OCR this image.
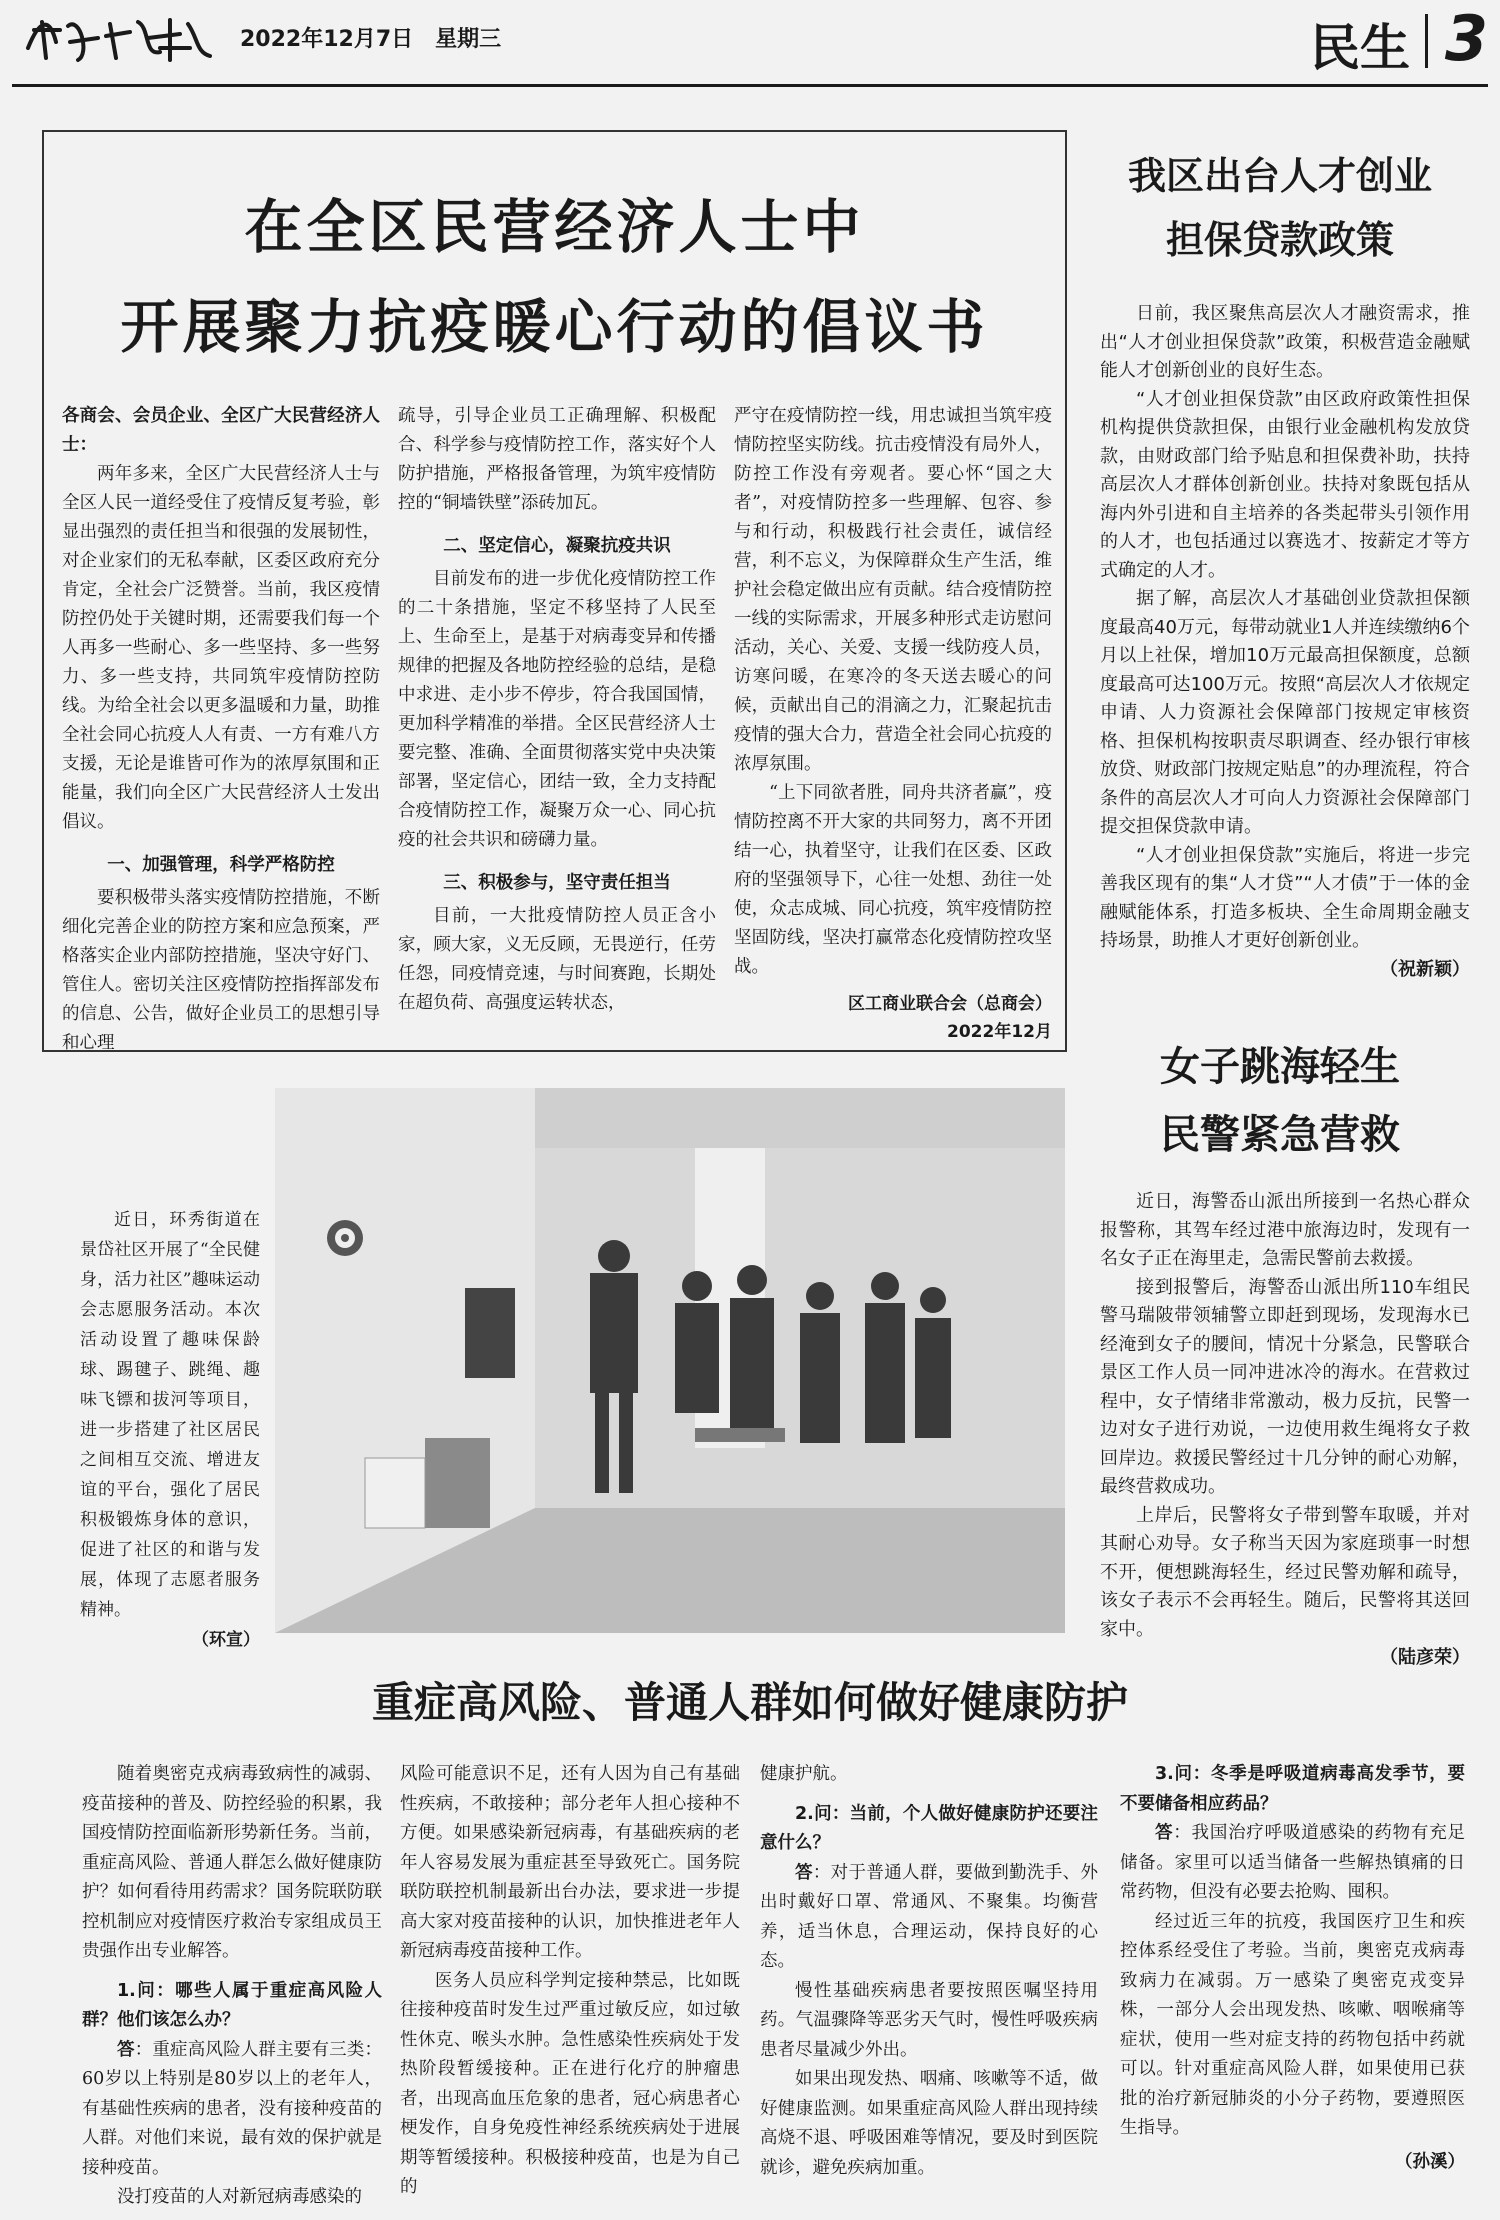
2022年12月7日　星期三	民生 3
在全区民营经济人士中
开展聚力抗疫暖心行动的倡议书

各商会、会员企业、全区广大民营经济人士：

两年多来，全区广大民营经济人士与全区人民一道经受住了疫情反复考验，彰显出强烈的责任担当和很强的发展韧性，对企业家们的无私奉献，区委区政府充分肯定，全社会广泛赞誉。当前，我区疫情防控仍处于关键时期，还需要我们每一个人再多一些耐心、多一些坚持、多一些努力、多一些支持，共同筑牢疫情防控防线。为给全社会以更多温暖和力量，助推全社会同心抗疫人人有责、一方有难八方支援，无论是谁皆可作为的浓厚氛围和正能量，我们向全区广大民营经济人士发出倡议。

一、加强管理，科学严格防控

要积极带头落实疫情防控措施，不断细化完善企业的防控方案和应急预案，严格落实企业内部防控措施，坚决守好门、管住人。密切关注区疫情防控指挥部发布的信息、公告，做好企业员工的思想引导和心理

疏导，引导企业员工正确理解、积极配合、科学参与疫情防控工作，落实好个人防护措施，严格报备管理，为筑牢疫情防控的“铜墙铁壁”添砖加瓦。

二、坚定信心，凝聚抗疫共识

目前发布的进一步优化疫情防控工作的二十条措施，坚定不移坚持了人民至上、生命至上，是基于对病毒变异和传播规律的把握及各地防控经验的总结，是稳中求进、走小步不停步，符合我国国情，更加科学精准的举措。全区民营经济人士要完整、准确、全面贯彻落实党中央决策部署，坚定信心，团结一致，全力支持配合疫情防控工作，凝聚万众一心、同心抗疫的社会共识和磅礴力量。

三、积极参与，坚守责任担当

目前，一大批疫情防控人员正含小家，顾大家，义无反顾，无畏逆行，任劳任怨，同疫情竞速，与时间赛跑，长期处在超负荷、高强度运转状态，

严守在疫情防控一线，用忠诚担当筑牢疫情防控坚实防线。抗击疫情没有局外人，防控工作没有旁观者。要心怀“国之大者”，对疫情防控多一些理解、包容、参与和行动，积极践行社会责任，诚信经营，利不忘义，为保障群众生产生活，维护社会稳定做出应有贡献。结合疫情防控一线的实际需求，开展多种形式走访慰问活动，关心、关爱、支援一线防疫人员，访寒问暖，在寒冷的冬天送去暖心的问候，贡献出自己的涓滴之力，汇聚起抗击疫情的强大合力，营造全社会同心抗疫的浓厚氛围。

“上下同欲者胜，同舟共济者赢”，疫情防控离不开大家的共同努力，离不开团结一心，执着坚守，让我们在区委、区政府的坚强领导下，心往一处想、劲往一处使，众志成城、同心抗疫，筑牢疫情防控坚固防线，坚决打赢常态化疫情防控攻坚战。

区工商业联合会（总商会）
2022年12月
我区出台人才创业
担保贷款政策

日前，我区聚焦高层次人才融资需求，推出“人才创业担保贷款”政策，积极营造金融赋能人才创新创业的良好生态。

“人才创业担保贷款”由区政府政策性担保机构提供贷款担保，由银行业金融机构发放贷款，由财政部门给予贴息和担保费补助，扶持高层次人才群体创新创业。扶持对象既包括从海内外引进和自主培养的各类起带头引领作用的人才，也包括通过以赛选才、按薪定才等方式确定的人才。

据了解，高层次人才基础创业贷款担保额度最高40万元，每带动就业1人并连续缴纳6个月以上社保，增加10万元最高担保额度，总额度最高可达100万元。按照“高层次人才依规定申请、人力资源社会保障部门按规定审核资格、担保机构按职责尽职调查、经办银行审核放贷、财政部门按规定贴息”的办理流程，符合条件的高层次人才可向人力资源社会保障部门提交担保贷款申请。

“人才创业担保贷款”实施后，将进一步完善我区现有的集“人才贷”“人才债”于一体的金融赋能体系，打造多板块、全生命周期金融支持场景，助推人才更好创新创业。

（祝新颖）
女子跳海轻生
民警紧急营救

近日，海警岙山派出所接到一名热心群众报警称，其驾车经过港中旅海边时，发现有一名女子正在海里走，急需民警前去救援。

接到报警后，海警岙山派出所110车组民警马瑞陂带领辅警立即赶到现场，发现海水已经淹到女子的腰间，情况十分紧急，民警联合景区工作人员一同冲进冰冷的海水。在营救过程中，女子情绪非常激动，极力反抗，民警一边对女子进行劝说，一边使用救生绳将女子救回岸边。救援民警经过十几分钟的耐心劝解，最终营救成功。

上岸后，民警将女子带到警车取暖，并对其耐心劝导。女子称当天因为家庭琐事一时想不开，便想跳海轻生，经过民警劝解和疏导，该女子表示不会再轻生。随后，民警将其送回家中。

（陆彦荣）

近日，环秀街道在景岱社区开展了“全民健身，活力社区”趣味运动会志愿服务活动。本次活动设置了趣味保龄球、踢毽子、跳绳、趣味飞镖和拔河等项目，进一步搭建了社区居民之间相互交流、增进友谊的平台，强化了居民积极锻炼身体的意识，促进了社区的和谐与发展，体现了志愿者服务精神。

（环宣）
重症高风险、普通人群如何做好健康防护

随着奥密克戎病毒致病性的减弱、疫苗接种的普及、防控经验的积累，我国疫情防控面临新形势新任务。当前，重症高风险、普通人群怎么做好健康防护？如何看待用药需求？国务院联防联控机制应对疫情医疗救治专家组成员王贵强作出专业解答。

1.问：哪些人属于重症高风险人群？他们该怎么办？

答：重症高风险人群主要有三类：60岁以上特别是80岁以上的老年人，有基础性疾病的患者，没有接种疫苗的人群。对他们来说，最有效的保护就是接种疫苗。

没打疫苗的人对新冠病毒感染的

风险可能意识不足，还有人因为自己有基础性疾病，不敢接种；部分老年人担心接种不方便。如果感染新冠病毒，有基础疾病的老年人容易发展为重症甚至导致死亡。国务院联防联控机制最新出台办法，要求进一步提高大家对疫苗接种的认识，加快推进老年人新冠病毒疫苗接种工作。

医务人员应科学判定接种禁忌，比如既往接种疫苗时发生过严重过敏反应，如过敏性休克、喉头水肿。急性感染性疾病处于发热阶段暂缓接种。正在进行化疗的肿瘤患者，出现高血压危象的患者，冠心病患者心梗发作，自身免疫性神经系统疾病处于进展期等暂缓接种。积极接种疫苗，也是为自己的

健康护航。

2.问：当前，个人做好健康防护还要注意什么？

答：对于普通人群，要做到勤洗手、外出时戴好口罩、常通风、不聚集。均衡营养，适当休息，合理运动，保持良好的心态。

慢性基础疾病患者要按照医嘱坚持用药。气温骤降等恶劣天气时，慢性呼吸疾病患者尽量减少外出。

如果出现发热、咽痛、咳嗽等不适，做好健康监测。如果重症高风险人群出现持续高烧不退、呼吸困难等情况，要及时到医院就诊，避免疾病加重。

3.问：冬季是呼吸道病毒高发季节，要不要储备相应药品？

答：我国治疗呼吸道感染的药物有充足储备。家里可以适当储备一些解热镇痛的日常药物，但没有必要去抢购、囤积。

经过近三年的抗疫，我国医疗卫生和疾控体系经受住了考验。当前，奥密克戎病毒致病力在减弱。万一感染了奥密克戎变异株，一部分人会出现发热、咳嗽、咽喉痛等症状，使用一些对症支持的药物包括中药就可以。针对重症高风险人群，如果使用已获批的治疗新冠肺炎的小分子药物，要遵照医生指导。

（孙溪）
